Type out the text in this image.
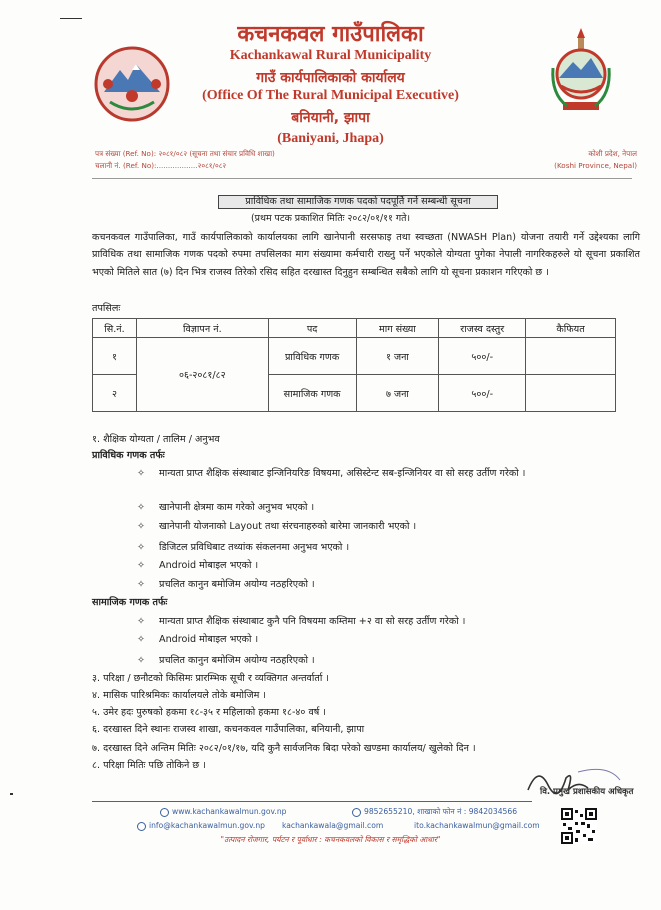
कचनकवल गाउँपालिका
Kachankawal Rural Municipality
गाउँ कार्यपालिकाको कार्यालय
(Office Of The Rural Municipal Executive)
बनियानी, झापा
(Baniyani, Jhapa)
पत्र संख्या (Ref. No): २०८१/०८२ (सूचना तथा संचार प्रविधि शाखा)
चलानी नं. (Ref. No):..................२०८१/०८२
कोशी प्रदेश, नेपाल
(Koshi Province, Nepal)
प्राविधिक तथा सामाजिक गणक पदको पदपूर्ति गर्ने सम्बन्धी सूचना
(प्रथम पटक प्रकाशित मितिः २०८२/०१/११ गते।

कचनकवल गाउँपालिका, गाउँ कार्यपालिकाको कार्यालयका लागि खानेपानी सरसफाइ तथा स्वच्छता (NWASH Plan) योजना तयारी गर्ने उद्देश्यका लागि प्राविधिक तथा सामाजिक गणक पदको रुपमा तपसिलका माग संख्यामा कर्मचारी राख्नु पर्ने भएकोले योग्यता पुगेका नेपाली नागरिकहरुले यो सूचना प्रकाशित भएको मितिले सात (७) दिन भित्र राजस्व तिरेको रसिद सहित दरखास्त दिनुहुन सम्बन्धित सबैको लागि यो सूचना प्रकाशन गरिएको छ ।

तपसिलः
सि.नं.	विज्ञापन नं.	पद	माग संख्या	राजस्व दस्तुर	कैफियत
१	०६-२०८१/८२	प्राविधिक गणक	१ जना	५००/-	
२		सामाजिक गणक	७ जना	५००/-	
१. शैक्षिक योग्यता / तालिम / अनुभव
प्राविधिक गणक तर्फः
✧ मान्यता प्राप्त शैक्षिक संस्थाबाट इन्जिनियरिङ विषयमा, असिस्टेन्ट सब-इन्जिनियर वा सो सरह उर्तीण गरेको ।
✧ खानेपानी क्षेत्रमा काम गरेको अनुभव भएको ।
✧ खानेपानी योजनाको Layout तथा संरचनाहरुको बारेमा जानकारी भएको ।
✧ डिजिटल प्रविधिबाट तथ्यांक संकलनमा अनुभव भएको ।
✧ Android मोबाइल भएको ।
✧ प्रचलित कानुन बमोजिम अयोग्य नठहरिएको ।
सामाजिक गणक तर्फः
✧ मान्यता प्राप्त शैक्षिक संस्थाबाट कुनै पनि विषयमा कम्तिमा +२ वा सो सरह उर्तीण गरेको ।
✧ Android मोबाइल भएको ।
✧ प्रचलित कानुन बमोजिम अयोग्य नठहरिएको ।
३. परिक्षा / छनौटको किसिमः प्रारम्भिक सूची र व्यक्तिगत अन्तर्वार्ता ।
४. मासिक पारिश्रमिकः कार्यालयले तोके बमोजिम ।
५. उमेर हदः पुरुषको हकमा १८-३५ र महिलाको हकमा १८-४० वर्ष ।
६. दरखास्त दिने स्थानः राजस्व शाखा, कचनकवल गाउँपालिका, बनियानी, झापा
७. दरखास्त दिने अन्तिम मितिः २०८२/०१/१७, यदि कुनै सार्वजनिक बिदा परेको खण्डमा कार्यालय/ खुलेको दिन ।
८. परिक्षा मितिः पछि तोकिने छ ।
वि. प्रमुख प्रशासकीय अधिकृत
www.kachankawalmun.gov.np	9852655210, शाखाको फोन नं : 9842034566
info@kachankawalmun.gov.np kachankawala@gmail.com	ito.kachankawalmun@gmail.com
"उत्पादन रोजगार, पर्यटन र पूर्वाधार : कचनकवलको विकास र समृद्धिको आधार"
